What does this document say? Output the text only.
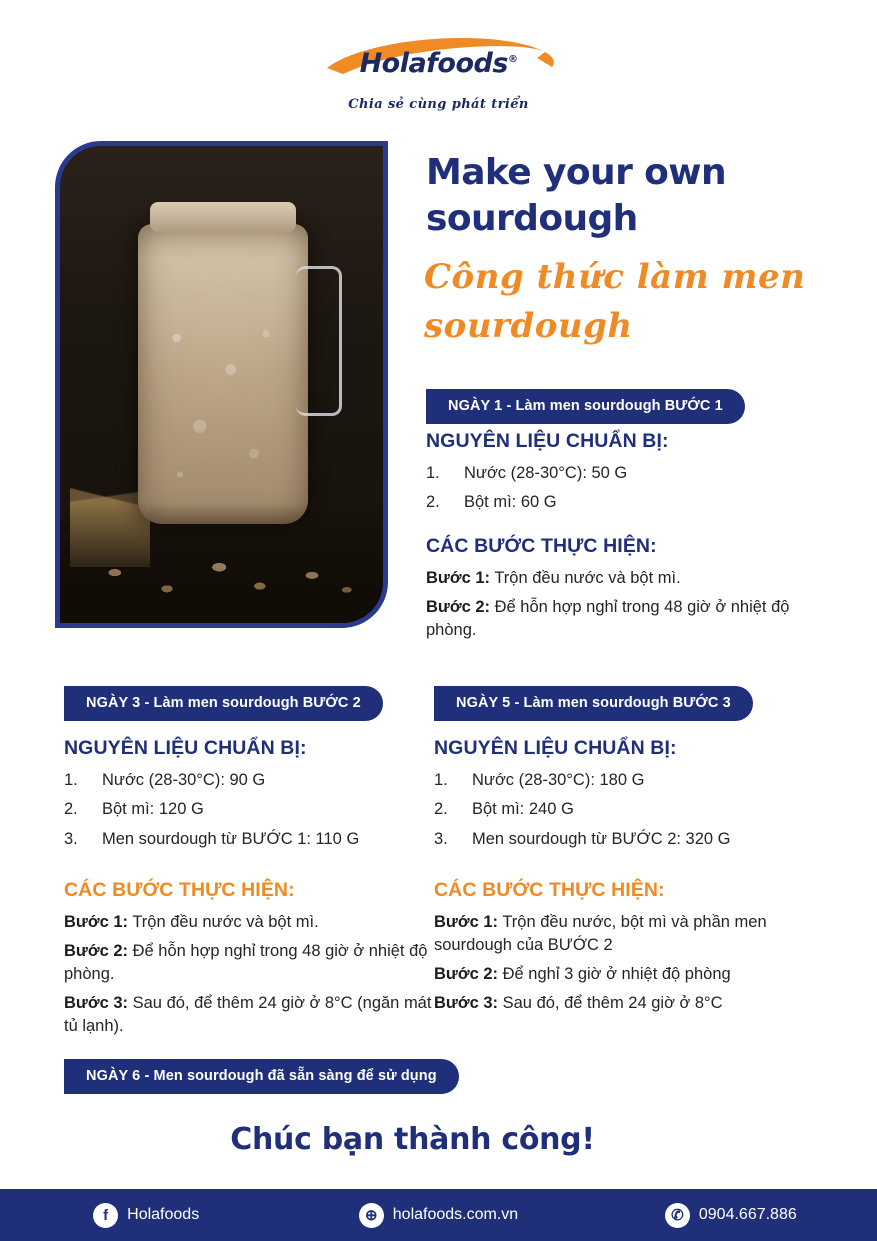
Holafoods®
Chia sẻ cùng phát triển
Make your own sourdough
Công thức làm men sourdough
NGÀY 1 - Làm men sourdough BƯỚC 1
NGUYÊN LIỆU CHUẨN BỊ:
1.	Nước (28-30°C): 50 G
2.	Bột mì: 60 G
CÁC BƯỚC THỰC HIỆN:
Bước 1: Trộn đều nước và bột mì.
Bước 2: Để hỗn hợp nghỉ trong 48 giờ ở nhiệt độ phòng.
NGÀY 3 - Làm men sourdough BƯỚC 2
NGUYÊN LIỆU CHUẨN BỊ:
1.	Nước (28-30°C): 90 G
2.	Bột mì: 120 G
3.	Men sourdough từ BƯỚC 1: 110 G
CÁC BƯỚC THỰC HIỆN:
Bước 1: Trộn đều nước và bột mì.
Bước 2: Để hỗn hợp nghỉ trong 48 giờ ở nhiệt độ phòng.
Bước 3: Sau đó, để thêm 24 giờ ở 8°C (ngăn mát tủ lạnh).
NGÀY 5 - Làm men sourdough BƯỚC 3
NGUYÊN LIỆU CHUẨN BỊ:
1.	Nước (28-30°C): 180 G
2.	Bột mì: 240 G
3.	Men sourdough từ BƯỚC 2: 320 G
CÁC BƯỚC THỰC HIỆN:
Bước 1: Trộn đều nước, bột mì và phần men sourdough của BƯỚC 2
Bước 2: Để nghỉ 3 giờ ở nhiệt độ phòng
Bước 3: Sau đó, để thêm 24 giờ ở 8°C
NGÀY 6 - Men sourdough đã sẵn sàng để sử dụng
Chúc bạn thành công!
f	Holafoods	⊕ holafoods.com.vn	✆ 0904.667.886
